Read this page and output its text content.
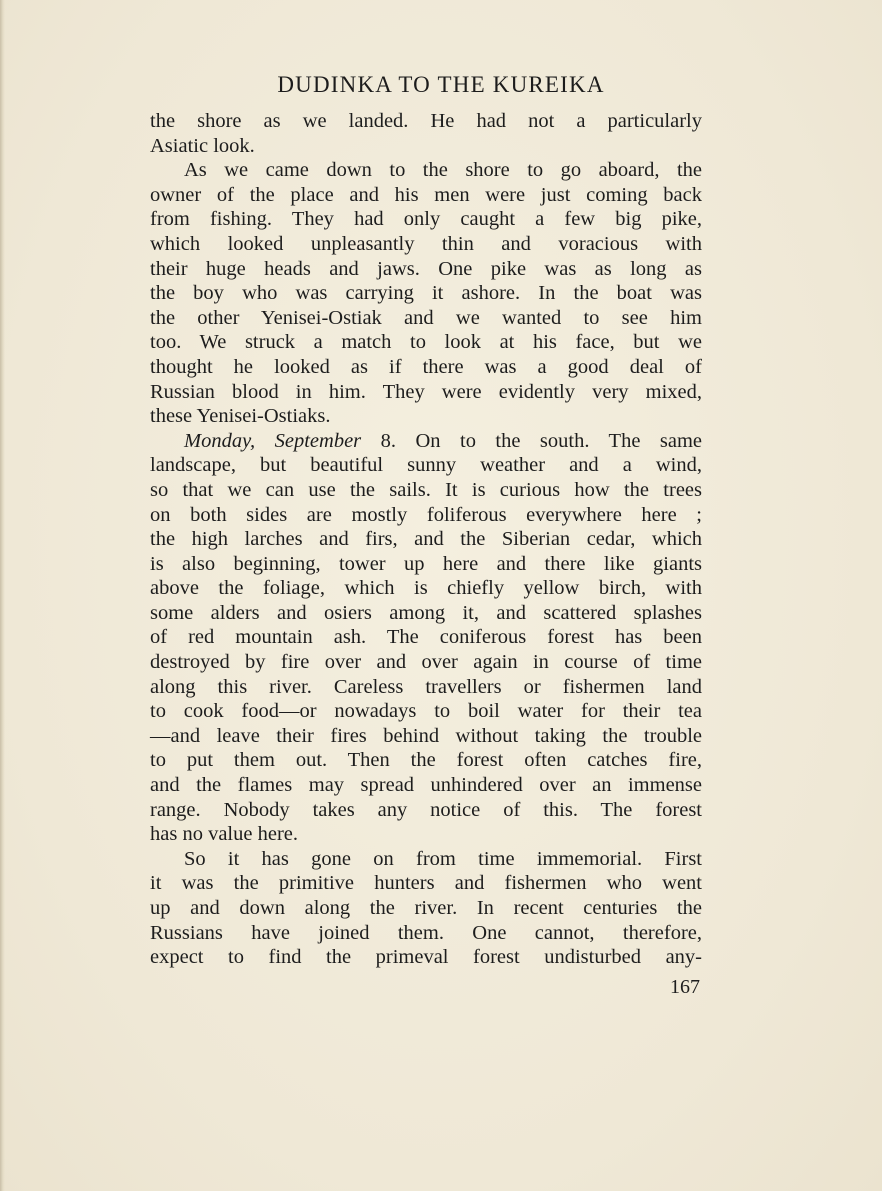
DUDINKA TO THE KUREIKA
the shore as we landed. He had not a particularly
Asiatic look.
As we came down to the shore to go aboard, the
owner of the place and his men were just coming back
from fishing. They had only caught a few big pike,
which looked unpleasantly thin and voracious with
their huge heads and jaws. One pike was as long as
the boy who was carrying it ashore. In the boat was
the other Yenisei-Ostiak and we wanted to see him
too. We struck a match to look at his face, but we
thought he looked as if there was a good deal of
Russian blood in him. They were evidently very mixed,
these Yenisei-Ostiaks.
Monday, September 8. On to the south. The same
landscape, but beautiful sunny weather and a wind,
so that we can use the sails. It is curious how the trees
on both sides are mostly foliferous everywhere here ;
the high larches and firs, and the Siberian cedar, which
is also beginning, tower up here and there like giants
above the foliage, which is chiefly yellow birch, with
some alders and osiers among it, and scattered splashes
of red mountain ash. The coniferous forest has been
destroyed by fire over and over again in course of time
along this river. Careless travellers or fishermen land
to cook food—or nowadays to boil water for their tea
—and leave their fires behind without taking the trouble
to put them out. Then the forest often catches fire,
and the flames may spread unhindered over an immense
range. Nobody takes any notice of this. The forest
has no value here.
So it has gone on from time immemorial. First
it was the primitive hunters and fishermen who went
up and down along the river. In recent centuries the
Russians have joined them. One cannot, therefore,
expect to find the primeval forest undisturbed any-
167
